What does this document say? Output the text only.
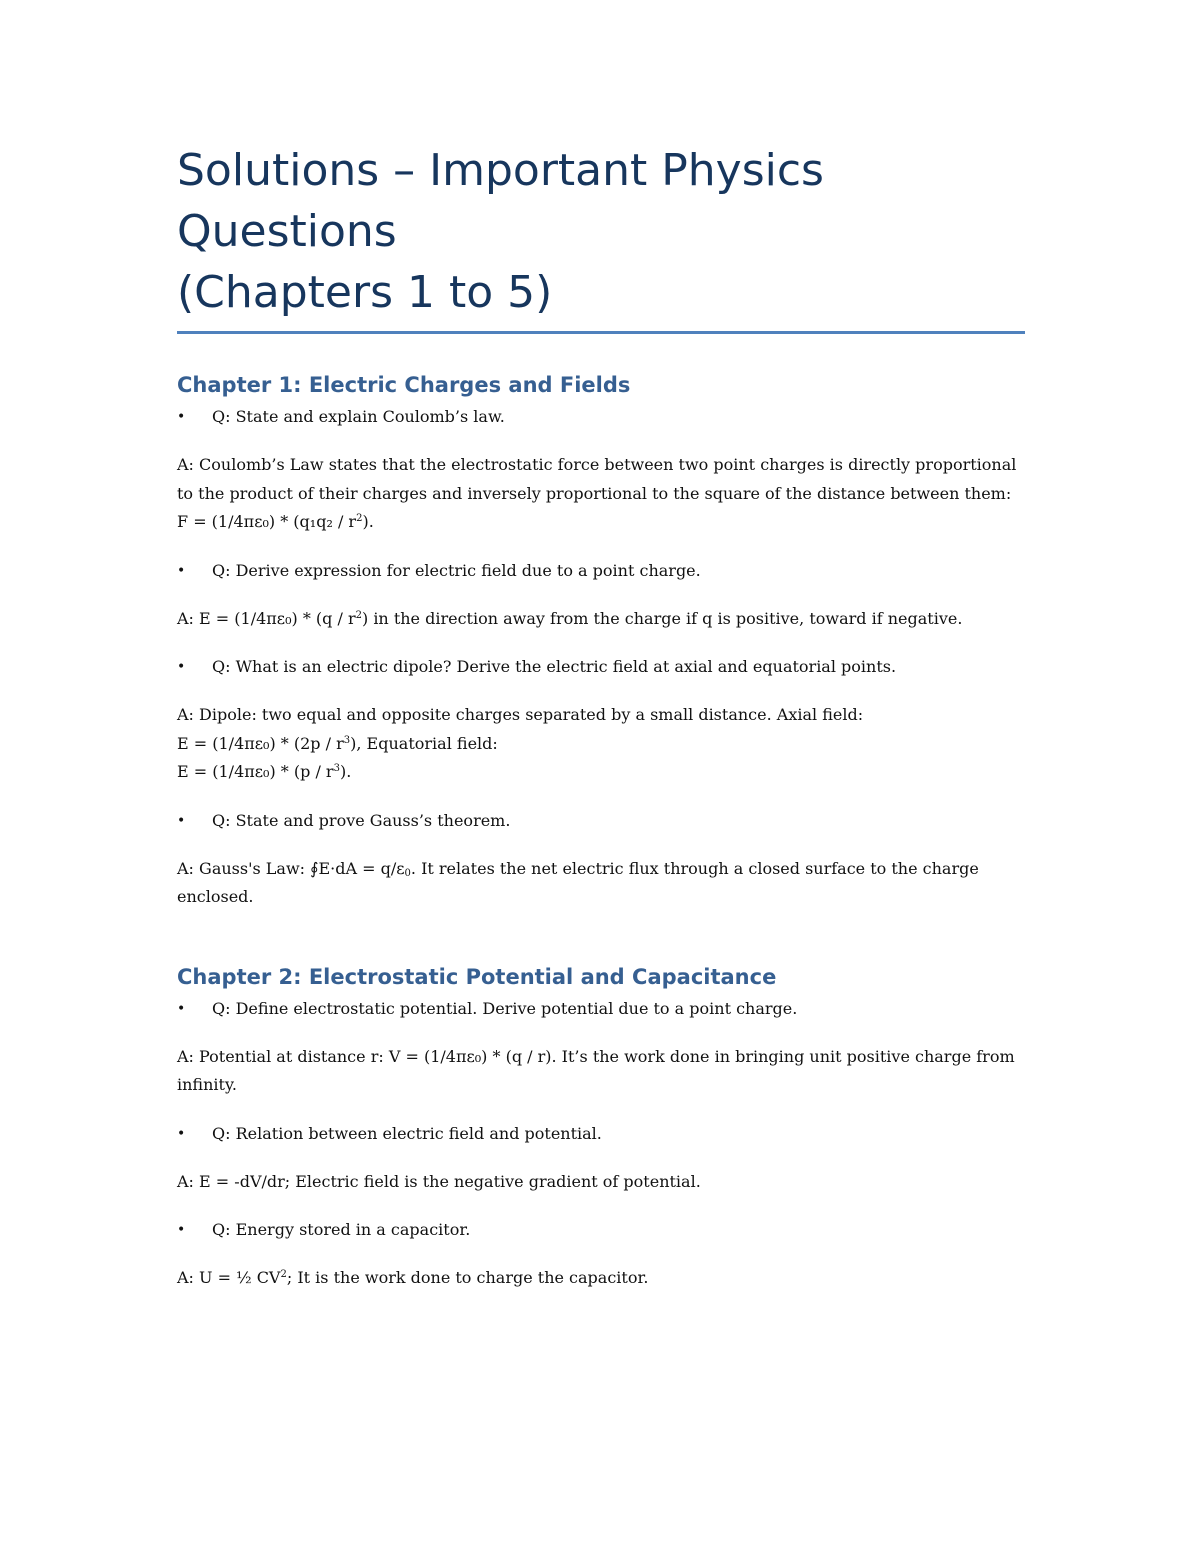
Solutions – Important Physics Questions
(Chapters 1 to 5)
Chapter 1: Electric Charges and Fields
• Q: State and explain Coulomb’s law.
A: Coulomb’s Law states that the electrostatic force between two point charges is directly proportional to the product of their charges and inversely proportional to the square of the distance between them:
$F = (1/4\pi\varepsilon_0) * (q_1q_2 / r^2)$.
• Q: Derive expression for electric field due to a point charge.
A: $E = (1/4\pi\varepsilon_0) * (q / r^2)$ in the direction away from the charge if q is positive, toward if negative.
• Q: What is an electric dipole? Derive the electric field at axial and equatorial points.
A: Dipole: two equal and opposite charges separated by a small distance. Axial field:
$E = (1/4\pi\varepsilon_0) * (2p / r^3)$, Equatorial field:
$E = (1/4\pi\varepsilon_0) * (p / r^3)$.
• Q: State and prove Gauss’s theorem.
A: Gauss's Law: ∮E·dA = $q/\varepsilon_0$. It relates the net electric flux through a closed surface to the charge enclosed.
Chapter 2: Electrostatic Potential and Capacitance
• Q: Define electrostatic potential. Derive potential due to a point charge.
A: Potential at distance r: V = (1/4πε₀) * (q / r). It’s the work done in bringing unit positive charge from infinity.
• Q: Relation between electric field and potential.
A: E = -dV/dr; Electric field is the negative gradient of potential.
• Q: Energy stored in a capacitor.
A: U = ½ $CV^2$; It is the work done to charge the capacitor.
